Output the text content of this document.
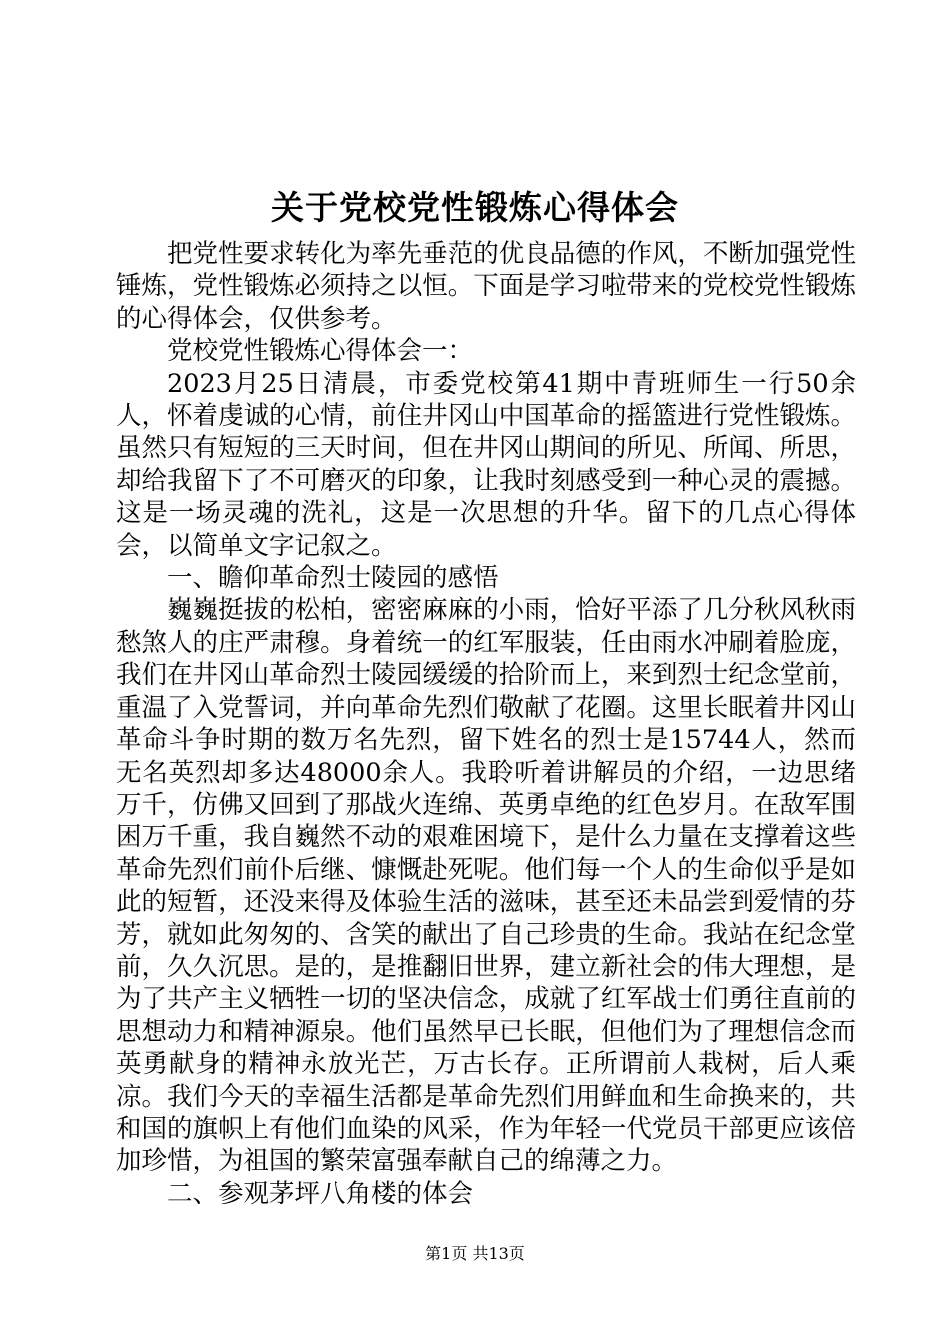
关于党校党性锻炼心得体会

把党性要求转化为率先垂范的优良品德的作风，不断加强党性锤炼，党性锻炼必须持之以恒。下面是学习啦带来的党校党性锻炼的心得体会，仅供参考。

党校党性锻炼心得体会一：

2023月25日清晨，市委党校第41期中青班师生一行50余人，怀着虔诚的心情，前住井冈山中国革命的摇篮进行党性锻炼。虽然只有短短的三天时间，但在井冈山期间的所见、所闻、所思，却给我留下了不可磨灭的印象，让我时刻感受到一种心灵的震撼。这是一场灵魂的洗礼，这是一次思想的升华。留下的几点心得体会，以简单文字记叙之。

一、瞻仰革命烈士陵园的感悟

巍巍挺拔的松柏，密密麻麻的小雨，恰好平添了几分秋风秋雨愁煞人的庄严肃穆。身着统一的红军服装，任由雨水冲刷着脸庞，我们在井冈山革命烈士陵园缓缓的拾阶而上，来到烈士纪念堂前，重温了入党誓词，并向革命先烈们敬献了花圈。这里长眠着井冈山革命斗争时期的数万名先烈，留下姓名的烈士是15744人，然而无名英烈却多达48000余人。我聆听着讲解员的介绍，一边思绪万千，仿佛又回到了那战火连绵、英勇卓绝的红色岁月。在敌军围困万千重，我自巍然不动的艰难困境下，是什么力量在支撑着这些革命先烈们前仆后继、慷慨赴死呢。他们每一个人的生命似乎是如此的短暂，还没来得及体验生活的滋味，甚至还未品尝到爱情的芬芳，就如此匆匆的、含笑的献出了自己珍贵的生命。我站在纪念堂前，久久沉思。是的，是推翻旧世界，建立新社会的伟大理想，是为了共产主义牺牲一切的坚决信念，成就了红军战士们勇往直前的思想动力和精神源泉。他们虽然早已长眠，但他们为了理想信念而英勇献身的精神永放光芒，万古长存。正所谓前人栽树，后人乘凉。我们今天的幸福生活都是革命先烈们用鲜血和生命换来的，共和国的旗帜上有他们血染的风采，作为年轻一代党员干部更应该倍加珍惜，为祖国的繁荣富强奉献自己的绵薄之力。

二、参观茅坪八角楼的体会

第1页 共13页
